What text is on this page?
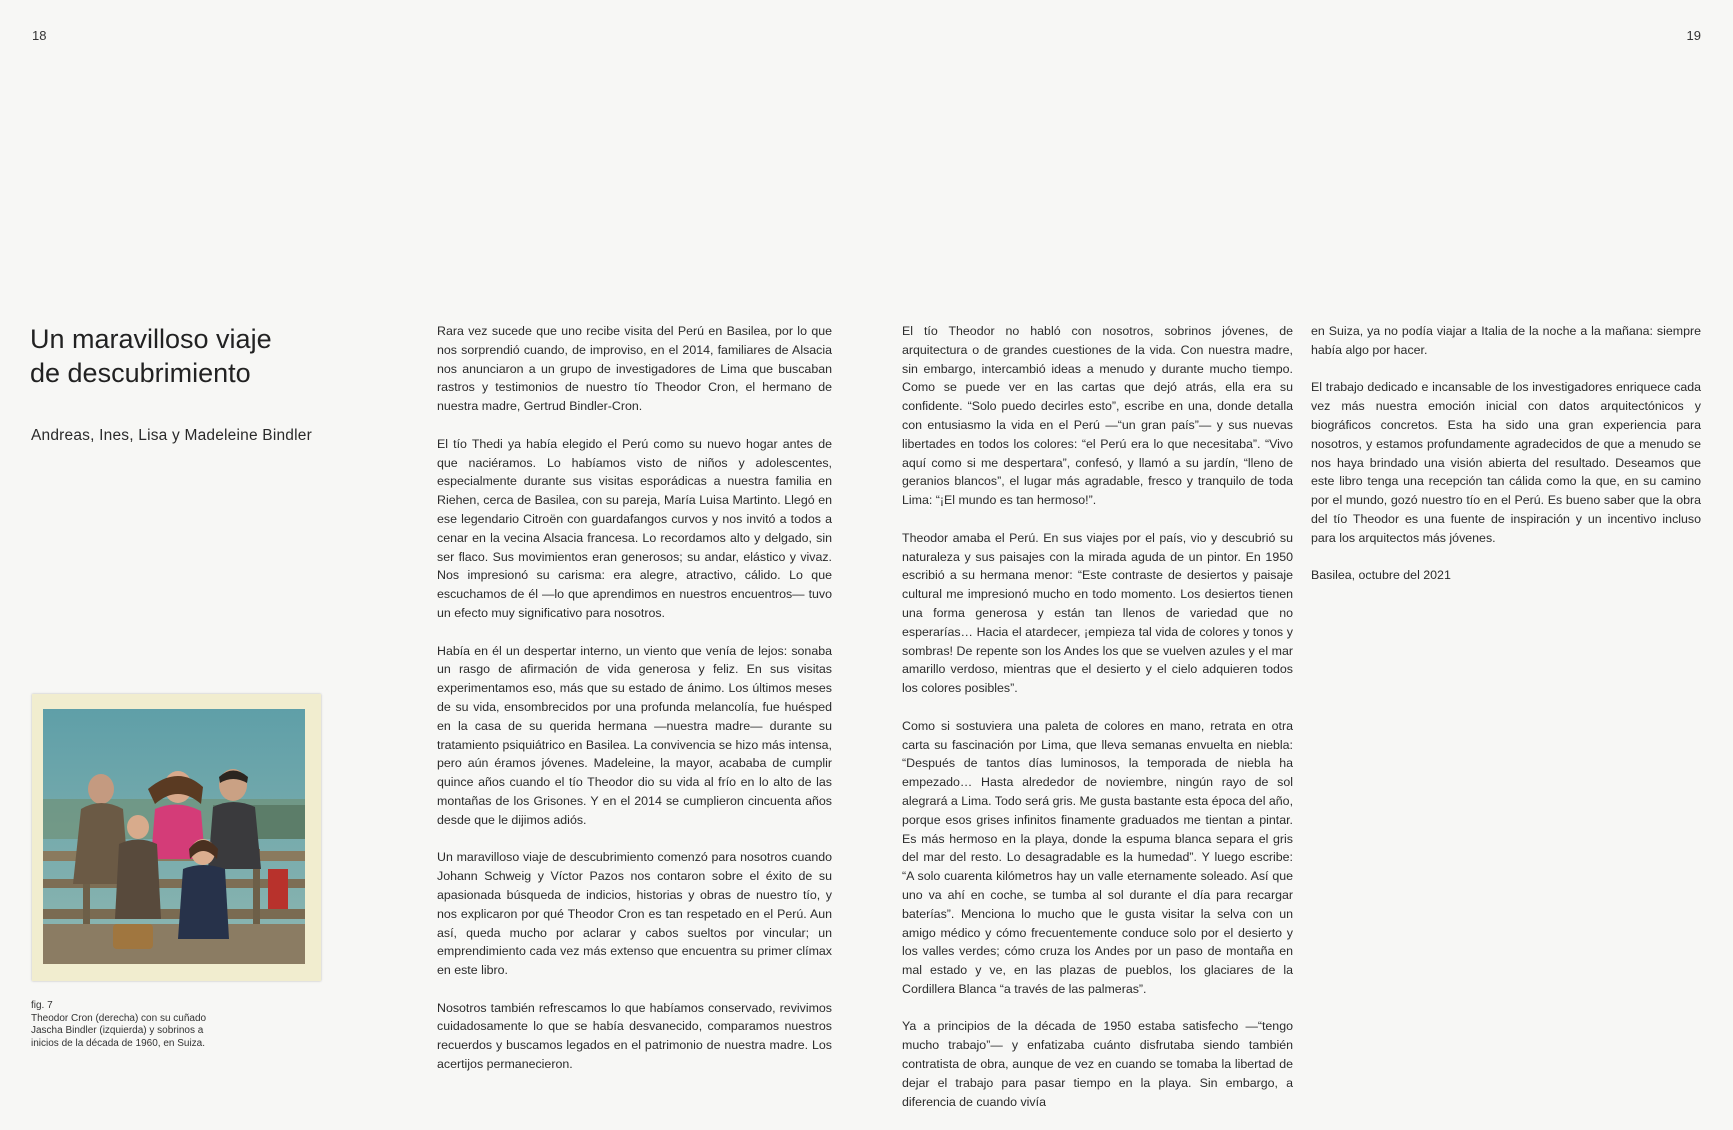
18	19
Un maravilloso viaje
de descubrimiento
Andreas, Ines, Lisa y Madeleine Bindler
fig. 7
Theodor Cron (derecha) con su cuñado
Jascha Bindler (izquierda) y sobrinos a
inicios de la década de 1960, en Suiza.

Rara vez sucede que uno recibe visita del Perú en Basilea, por lo que nos sorprendió cuando, de improviso, en el 2014, familiares de Alsacia nos anunciaron a un grupo de investigadores de Lima que buscaban rastros y testimonios de nuestro tío Theodor Cron, el hermano de nuestra madre, Gertrud Bindler-Cron.

El tío Thedi ya había elegido el Perú como su nuevo hogar antes de que naciéramos. Lo habíamos visto de niños y adolescentes, especialmente durante sus visitas esporádicas a nuestra familia en Riehen, cerca de Basilea, con su pareja, María Luisa Martinto. Llegó en ese legendario Citroën con guardafangos curvos y nos invitó a todos a cenar en la vecina Alsacia francesa. Lo recordamos alto y delgado, sin ser flaco. Sus movimientos eran generosos; su andar, elástico y vivaz. Nos impresionó su carisma: era alegre, atractivo, cálido. Lo que escuchamos de él —lo que aprendimos en nuestros encuentros— tuvo un efecto muy significativo para nosotros.

Había en él un despertar interno, un viento que venía de lejos: sonaba un rasgo de afirmación de vida generosa y feliz. En sus visitas experimentamos eso, más que su estado de ánimo. Los últimos meses de su vida, ensombrecidos por una profunda melancolía, fue huésped en la casa de su querida hermana —nuestra madre— durante su tratamiento psiquiátrico en Basilea. La convivencia se hizo más intensa, pero aún éramos jóvenes. Madeleine, la mayor, acababa de cumplir quince años cuando el tío Theodor dio su vida al frío en lo alto de las montañas de los Grisones. Y en el 2014 se cumplieron cincuenta años desde que le dijimos adiós.

Un maravilloso viaje de descubrimiento comenzó para nosotros cuando Johann Schweig y Víctor Pazos nos contaron sobre el éxito de su apasionada búsqueda de indicios, historias y obras de nuestro tío, y nos explicaron por qué Theodor Cron es tan respetado en el Perú. Aun así, queda mucho por aclarar y cabos sueltos por vincular; un emprendimiento cada vez más extenso que encuentra su primer clímax en este libro.

Nosotros también refrescamos lo que habíamos conservado, revivimos cuidadosamente lo que se había desvanecido, comparamos nuestros recuerdos y buscamos legados en el patrimonio de nuestra madre. Los acertijos permanecieron.

El tío Theodor no habló con nosotros, sobrinos jóvenes, de arquitectura o de grandes cuestiones de la vida. Con nuestra madre, sin embargo, intercambió ideas a menudo y durante mucho tiempo. Como se puede ver en las cartas que dejó atrás, ella era su confidente. “Solo puedo decirles esto”, escribe en una, donde detalla con entusiasmo la vida en el Perú —“un gran país”— y sus nuevas libertades en todos los colores: “el Perú era lo que necesitaba”. “Vivo aquí como si me despertara”, confesó, y llamó a su jardín, “lleno de geranios blancos”, el lugar más agradable, fresco y tranquilo de toda Lima: “¡El mundo es tan hermoso!”.

Theodor amaba el Perú. En sus viajes por el país, vio y descubrió su naturaleza y sus paisajes con la mirada aguda de un pintor. En 1950 escribió a su hermana menor: “Este contraste de desiertos y paisaje cultural me impresionó mucho en todo momento. Los desiertos tienen una forma generosa y están tan llenos de variedad que no esperarías… Hacia el atardecer, ¡empieza tal vida de colores y tonos y sombras! De repente son los Andes los que se vuelven azules y el mar amarillo verdoso, mientras que el desierto y el cielo adquieren todos los colores posibles”.

Como si sostuviera una paleta de colores en mano, retrata en otra carta su fascinación por Lima, que lleva semanas envuelta en niebla: “Después de tantos días luminosos, la temporada de niebla ha empezado… Hasta alrededor de noviembre, ningún rayo de sol alegrará a Lima. Todo será gris. Me gusta bastante esta época del año, porque esos grises infinitos finamente graduados me tientan a pintar. Es más hermoso en la playa, donde la espuma blanca separa el gris del mar del resto. Lo desagradable es la humedad”. Y luego escribe: “A solo cuarenta kilómetros hay un valle eternamente soleado. Así que uno va ahí en coche, se tumba al sol durante el día para recargar baterías”. Menciona lo mucho que le gusta visitar la selva con un amigo médico y cómo frecuentemente conduce solo por el desierto y los valles verdes; cómo cruza los Andes por un paso de montaña en mal estado y ve, en las plazas de pueblos, los glaciares de la Cordillera Blanca “a través de las palmeras”.

Ya a principios de la década de 1950 estaba satisfecho —“tengo mucho trabajo”— y enfatizaba cuánto disfrutaba siendo también contratista de obra, aunque de vez en cuando se tomaba la libertad de dejar el trabajo para pasar tiempo en la playa. Sin embargo, a diferencia de cuando vivía

en Suiza, ya no podía viajar a Italia de la noche a la mañana: siempre había algo por hacer.

El trabajo dedicado e incansable de los investigadores enriquece cada vez más nuestra emoción inicial con datos arquitectónicos y biográficos concretos. Esta ha sido una gran experiencia para nosotros, y estamos profundamente agradecidos de que a menudo se nos haya brindado una visión abierta del resultado. Deseamos que este libro tenga una recepción tan cálida como la que, en su camino por el mundo, gozó nuestro tío en el Perú. Es bueno saber que la obra del tío Theodor es una fuente de inspiración y un incentivo incluso para los arquitectos más jóvenes.

Basilea, octubre del 2021
